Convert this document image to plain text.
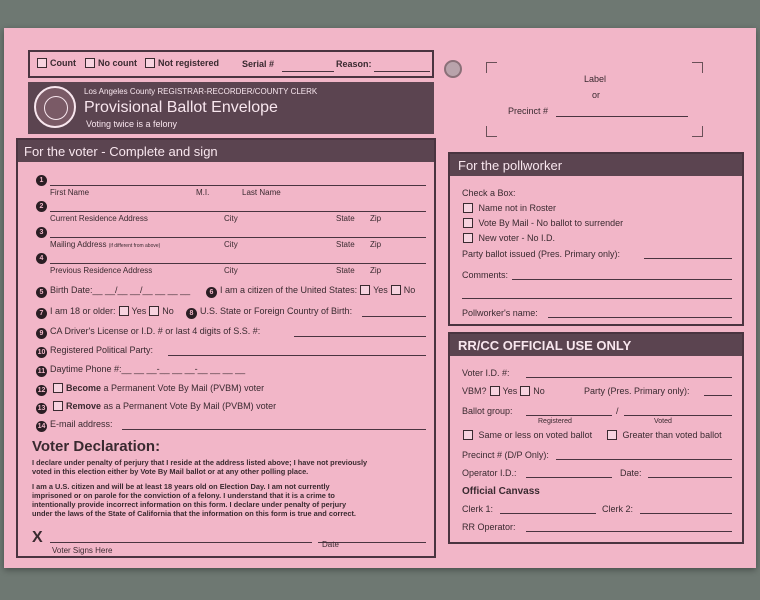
Count	No count	Not registered	Serial #	Reason:
Los Angeles County REGISTRAR-RECORDER/COUNTY CLERK
Provisional Ballot Envelope
Voting twice is a felony
Label
or
Precinct #
For the voter - Complete and sign
1
First Name	M.I.	Last Name
2
Current Residence Address	City	State Zip
3
Mailing Address (if different from above)	City	State Zip
4
Previous Residence Address	City	State Zip
5 Birth Date:__ __/__ __/__ __ __ __	6 I am a citizen of the United States: Yes No
7 I am 18 or older: Yes No	8 U.S. State or Foreign Country of Birth:
9 CA Driver's License or I.D. # or last 4 digits of S.S. #:
10 Registered Political Party:
11 Daytime Phone #:__ __ __-__ __ __-__ __ __ __
12 Become a Permanent Vote By Mail (PVBM) voter
13 Remove as a Permanent Vote By Mail (PVBM) voter
14 E-mail address:
Voter Declaration:
I declare under penalty of perjury that I reside at the address listed above; I have not previously
voted in this election either by Vote By Mail ballot or at any other polling place.
I am a U.S. citizen and will be at least 18 years old on Election Day. I am not currently
imprisoned or on parole for the conviction of a felony. I understand that it is a crime to
intentionally provide incorrect information on this form. I declare under penalty of perjury
under the laws of the State of California that the information on this form is true and correct.
X
Voter Signs Here
Date
For the pollworker
Check a Box:
Name not in Roster
Vote By Mail - No ballot to surrender
New voter - No I.D.
Party ballot issued (Pres. Primary only):
Comments:
Pollworker's name:
RR/CC OFFICIAL USE ONLY
Voter I.D. #:
VBM? Yes No	Party (Pres. Primary only):
Ballot group:	/
Registered	Voted
Same or less on voted ballot	Greater than voted ballot
Precinct # (D/P Only):
Operator I.D.:	Date:
Official Canvass
Clerk 1:	Clerk 2:
RR Operator:
